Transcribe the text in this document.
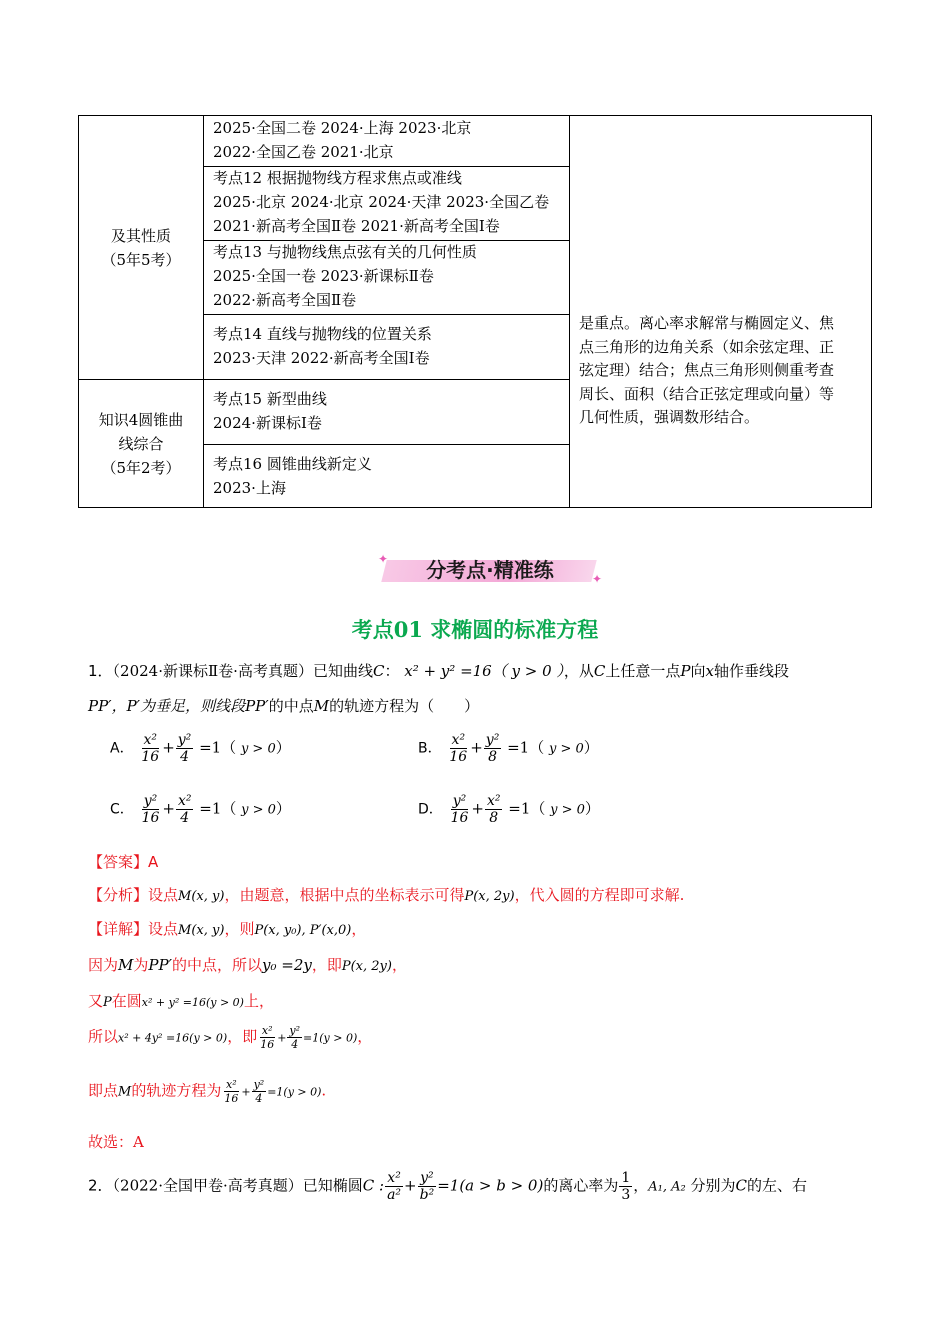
及其性质
（5年5考）
知识4圆锥曲
线综合
（5年2考）
2025·全国二卷 2024·上海 2023·北京
2022·全国乙卷 2021·北京
考点12 根据抛物线方程求焦点或准线
2025·北京 2024·北京 2024·天津 2023·全国乙卷
2021·新高考全国Ⅱ卷 2021·新高考全国Ⅰ卷
考点13 与抛物线焦点弦有关的几何性质
2025·全国一卷 2023·新课标Ⅱ卷
2022·新高考全国Ⅱ卷
考点14 直线与抛物线的位置关系
2023·天津 2022·新高考全国Ⅰ卷
考点15 新型曲线
2024·新课标Ⅰ卷
考点16 圆锥曲线新定义
2023·上海
是重点。离心率求解常与椭圆定义、焦
点三角形的边角关系（如余弦定理、正
弦定理）结合；焦点三角形则侧重考查
周长、面积（结合正弦定理或向量）等
几何性质，强调数形结合。
✦
✦
分考点·精准练
考点01 求椭圆的标准方程
1．（2024·新课标Ⅱ卷·高考真题）已知曲线C： x² + y² =16（ y > 0 ），从C上任意一点P向x轴作垂线段
PP′，P′为垂足，则线段PP′的中点M的轨迹方程为（　　）
A． $\frac{\text{x²}}{16} + \frac{\text{y²}}{4} =1$（ y > 0）	B． $\frac{\text{x²}}{16} + \frac{\text{y²}}{8} =1$（ y > 0）
C． $\frac{\text{y²}}{16} + \frac{\text{x²}}{4} =1$（ y > 0）	D． $\frac{\text{y²}}{16} + \frac{\text{x²}}{8} =1$（ y > 0）
【答案】A
【分析】设点M(x, y)，由题意，根据中点的坐标表示可得P(x, 2y)，代入圆的方程即可求解.
【详解】设点M(x, y)，则P(x, y₀), P′(x,0)，
因为M为PP′的中点，所以y₀ =2y，即P(x, 2y)，
又P在圆x² + y² =16(y > 0)上，
所以x² + 4y² =16(y > 0)，即 $\frac{\text{x²}}{16} + \frac{\text{y²}}{4} =1(y > 0)$，
即点M的轨迹方程为 $\frac{\text{x²}}{16} + \frac{\text{y²}}{4} =1(y > 0)$.
故选：A
2．（2022·全国甲卷·高考真题）已知椭圆C : $\frac{\text{x²}}{\text{a²}} + \frac{\text{y²}}{\text{b²}} =1(a > b > 0)$的离心率为 $\frac{1}{3}$ ，A₁, A₂ 分别为C的左、右
